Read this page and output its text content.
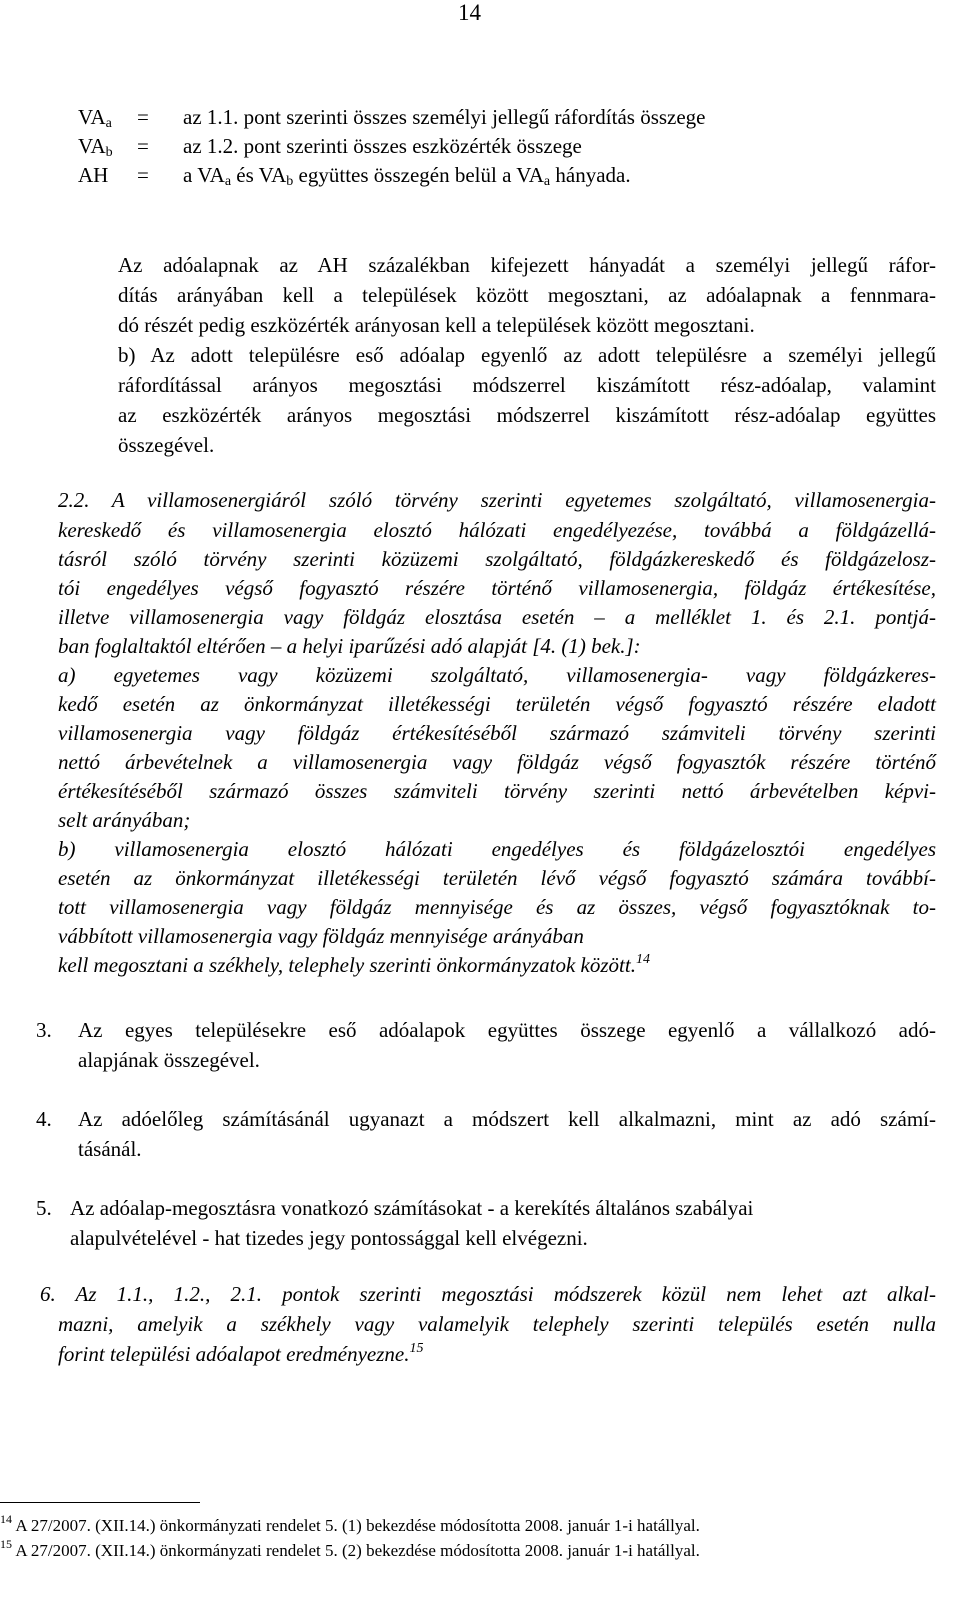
14
$VA_a$ = az 1.1. pont szerinti összes személyi jellegű ráfordítás összege
$VA_b$ = az 1.2. pont szerinti összes eszközérték összege
AH = a $VA_a$ és $VA_b$ együttes összegén belül a $VA_a$ hányada.
Az adóalapnak az AH százalékban kifejezett hányadát a személyi jellegű ráfor-
dítás arányában kell a települések között megosztani, az adóalapnak a fennmara-
dó részét pedig eszközérték arányosan kell a települések között megosztani.
b) Az adott településre eső adóalap egyenlő az adott településre a személyi jellegű
ráfordítással arányos megosztási módszerrel kiszámított rész-adóalap, valamint
az eszközérték arányos megosztási módszerrel kiszámított rész-adóalap együttes
összegével.
2.2. A villamosenergiáról szóló törvény szerinti egyetemes szolgáltató, villamosenergia-
kereskedő és villamosenergia elosztó hálózati engedélyezése, továbbá a földgázellá-
tásról szóló törvény szerinti közüzemi szolgáltató, földgázkereskedő és földgázelosz-
tói engedélyes végső fogyasztó részére történő villamosenergia, földgáz értékesítése,
illetve villamosenergia vagy földgáz elosztása esetén – a melléklet 1. és 2.1. pontjá-
ban foglaltaktól eltérően – a helyi iparűzési adó alapját [4. (1) bek.]:
a) egyetemes vagy közüzemi szolgáltató, villamosenergia- vagy földgázkeres-
kedő esetén az önkormányzat illetékességi területén végső fogyasztó részére eladott
villamosenergia vagy földgáz értékesítéséből származó számviteli törvény szerinti
nettó árbevételnek a villamosenergia vagy földgáz végső fogyasztók részére történő
értékesítéséből származó összes számviteli törvény szerinti nettó árbevételben képvi-
selt arányában;
b) villamosenergia elosztó hálózati engedélyes és földgázelosztói engedélyes
esetén az önkormányzat illetékességi területén lévő végső fogyasztó számára továbbí-
tott villamosenergia vagy földgáz mennyisége és az összes, végső fogyasztóknak to-
vábbított villamosenergia vagy földgáz mennyisége arányában
kell megosztani a székhely, telephely szerinti önkormányzatok között.$^{14}$
3. Az egyes településekre eső adóalapok együttes összege egyenlő a vállalkozó adó-
alapjának összegével.
4. Az adóelőleg számításánál ugyanazt a módszert kell alkalmazni, mint az adó számí-
tásánál.
5. Az adóalap-megosztásra vonatkozó számításokat - a kerekítés általános szabályai
alapulvételével - hat tizedes jegy pontossággal kell elvégezni.
6. Az 1.1., 1.2., 2.1. pontok szerinti megosztási módszerek közül nem lehet azt alkal-
mazni, amelyik a székhely vagy valamelyik telephely szerinti település esetén nulla
forint települési adóalapot eredményezne.$^{15}$
$^{14}$ A 27/2007. (XII.14.) önkormányzati rendelet 5. (1) bekezdése módosította 2008. január 1-i hatállyal.
$^{15}$ A 27/2007. (XII.14.) önkormányzati rendelet 5. (2) bekezdése módosította 2008. január 1-i hatállyal.
